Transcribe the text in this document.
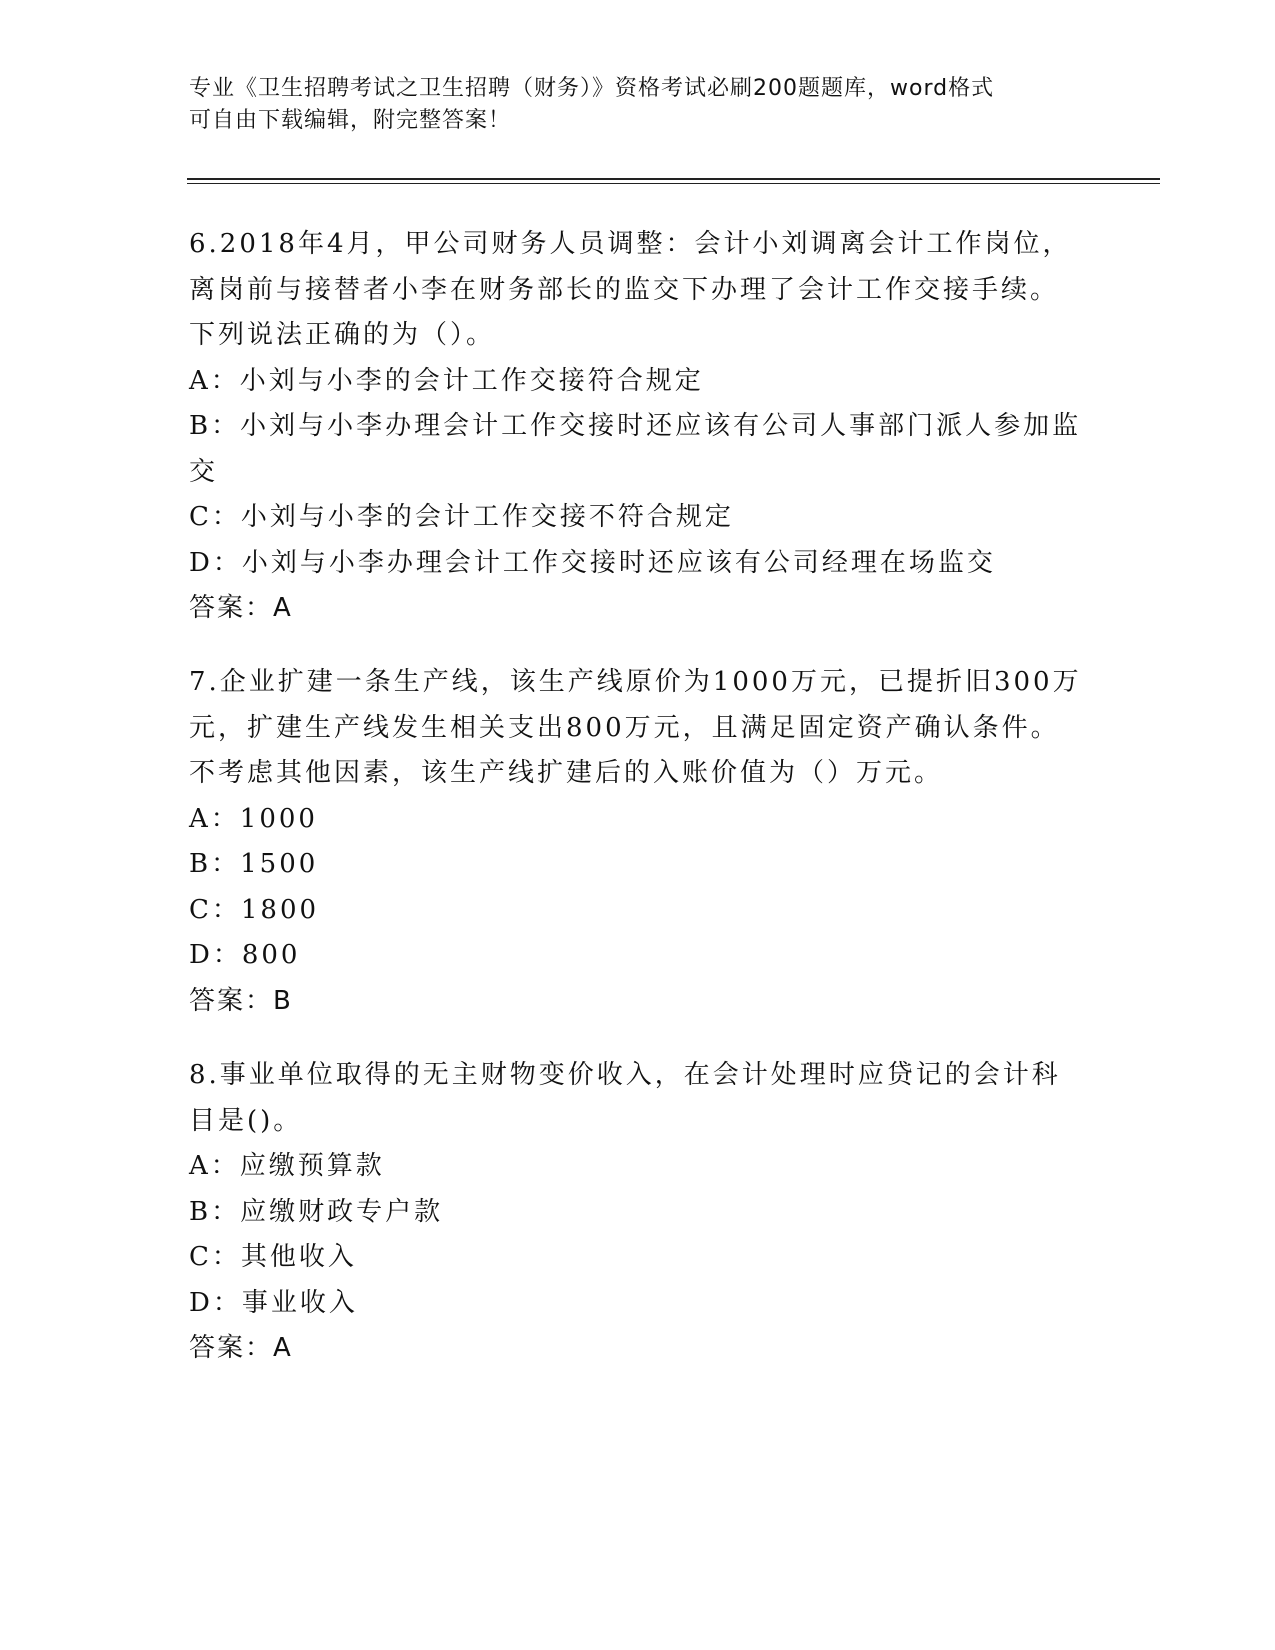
专业《卫生招聘考试之卫生招聘（财务）》资格考试必刷200题题库，word格式
可自由下载编辑，附完整答案！
6.2018年4月，甲公司财务人员调整：会计小刘调离会计工作岗位，
离岗前与接替者小李在财务部长的监交下办理了会计工作交接手续。
下列说法正确的为（）。
A：小刘与小李的会计工作交接符合规定
B：小刘与小李办理会计工作交接时还应该有公司人事部门派人参加监
交
C：小刘与小李的会计工作交接不符合规定
D：小刘与小李办理会计工作交接时还应该有公司经理在场监交
答案：A
7.企业扩建一条生产线，该生产线原价为1000万元，已提折旧300万
元，扩建生产线发生相关支出800万元，且满足固定资产确认条件。
不考虑其他因素，该生产线扩建后的入账价值为（）万元。
A：1000
B：1500
C：1800
D：800
答案：B
8.事业单位取得的无主财物变价收入，在会计处理时应贷记的会计科
目是()。
A：应缴预算款
B：应缴财政专户款
C：其他收入
D：事业收入
答案：A
